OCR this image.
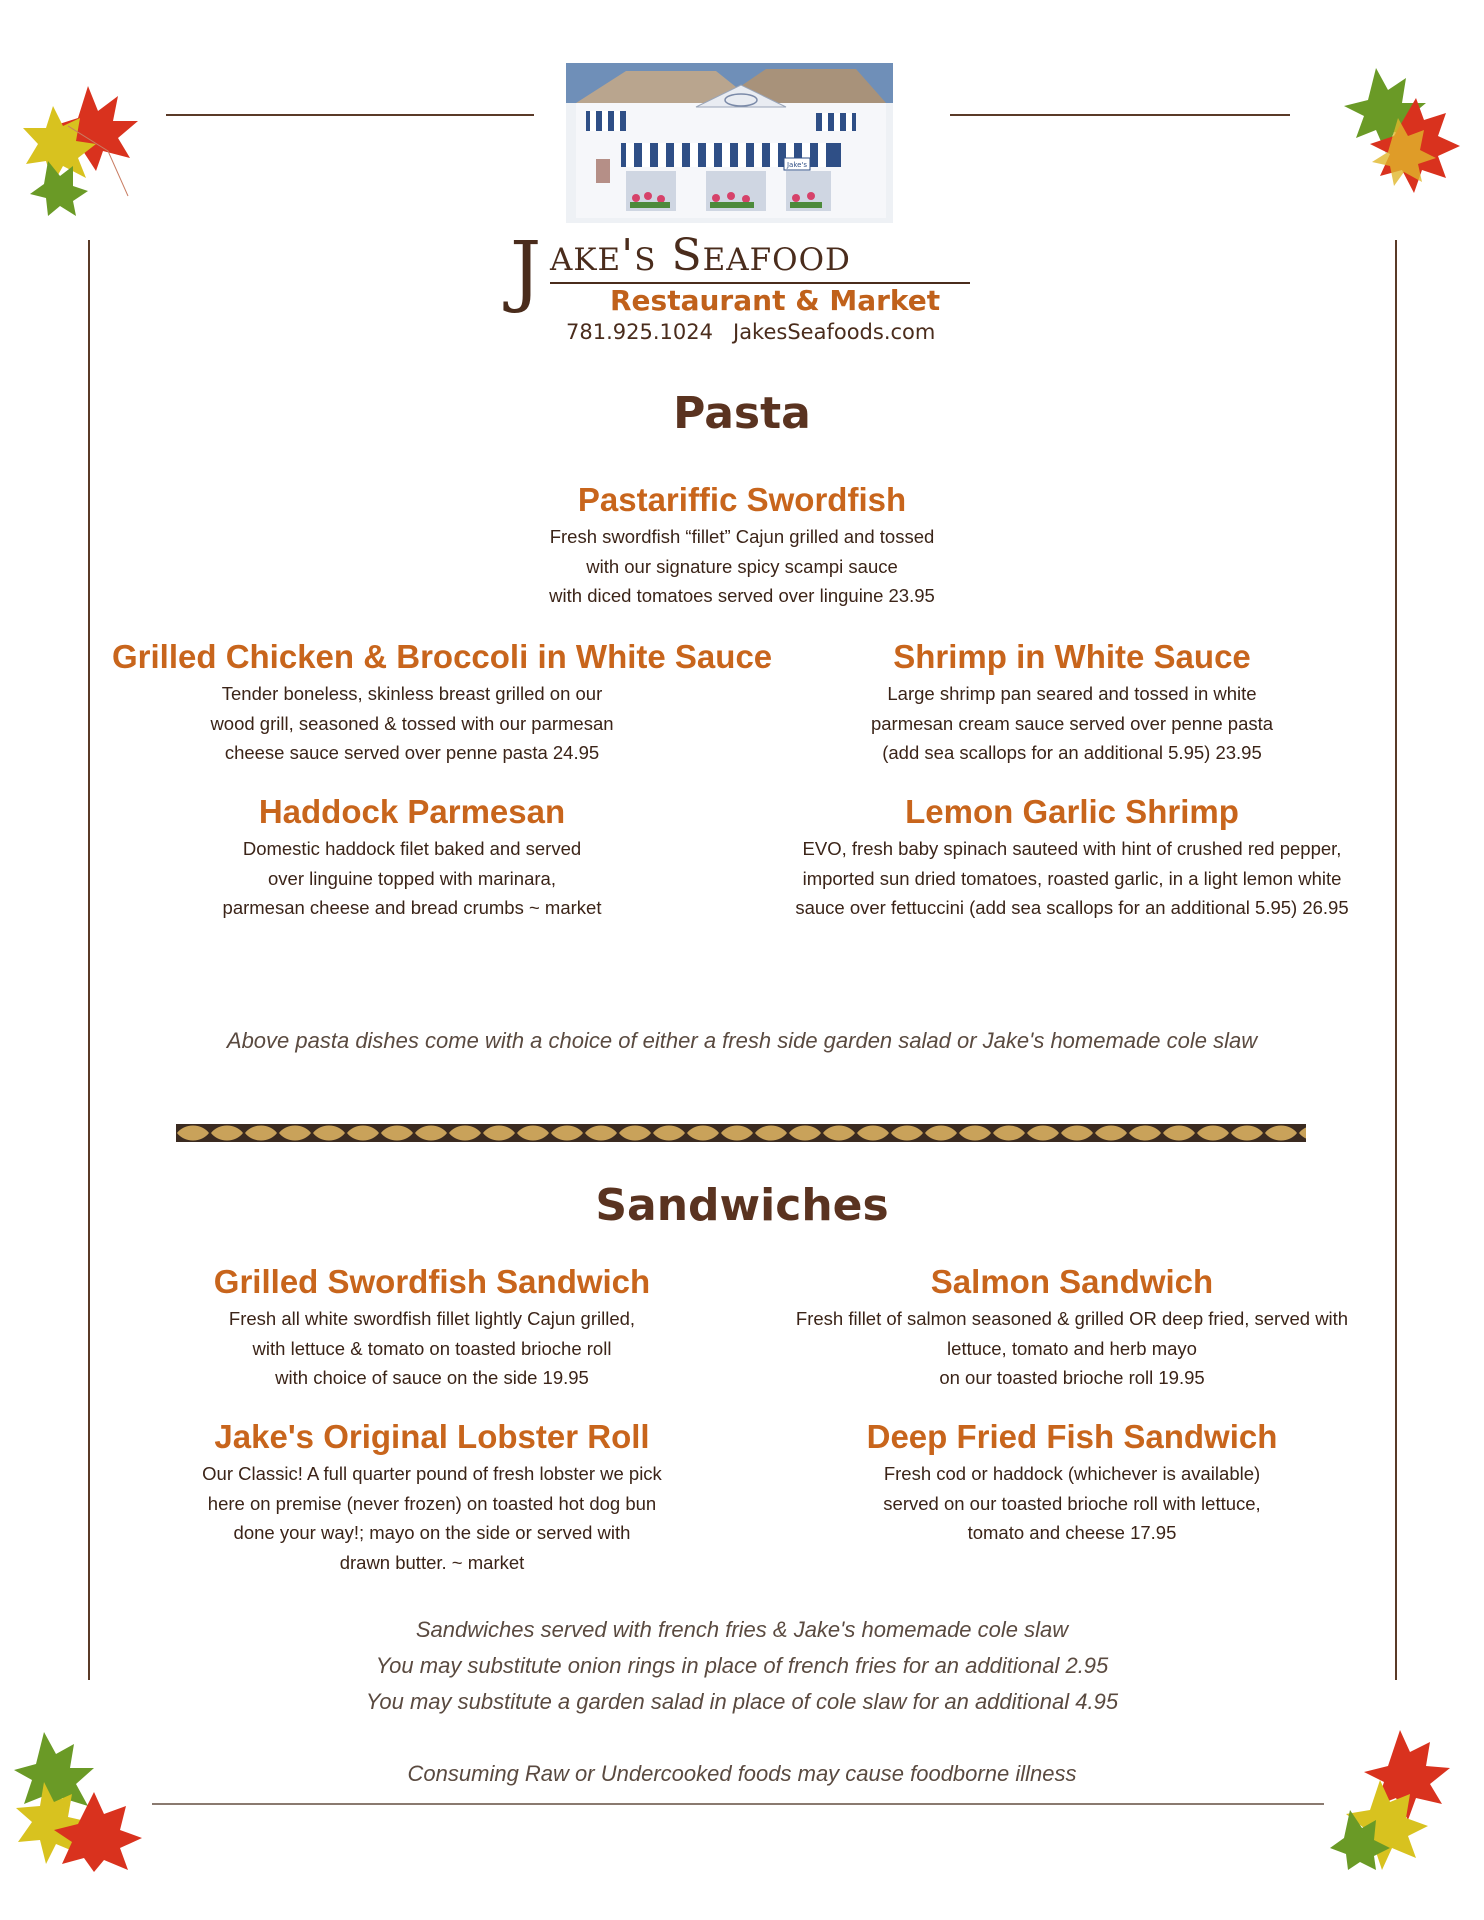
Jake's
J ake's Seafood
Restaurant & Market
781.925.1024 JakesSeafoods.com
Pasta
Pastariffic Swordfish
Fresh swordfish “fillet” Cajun grilled and tossed
with our signature spicy scampi sauce
with diced tomatoes served over linguine 23.95
Grilled Chicken & Broccoli in White Sauce
Tender boneless, skinless breast grilled on our
wood grill, seasoned & tossed with our parmesan
cheese sauce served over penne pasta 24.95
Shrimp in White Sauce
Large shrimp pan seared and tossed in white
parmesan cream sauce served over penne pasta
(add sea scallops for an additional 5.95) 23.95
Haddock Parmesan
Domestic haddock filet baked and served
over linguine topped with marinara,
parmesan cheese and bread crumbs ~ market
Lemon Garlic Shrimp
EVO, fresh baby spinach sauteed with hint of crushed red pepper,
imported sun dried tomatoes, roasted garlic, in a light lemon white
sauce over fettuccini (add sea scallops for an additional 5.95) 26.95
Above pasta dishes come with a choice of either a fresh side garden salad or Jake's homemade cole slaw
Sandwiches
Grilled Swordfish Sandwich
Fresh all white swordfish fillet lightly Cajun grilled,
with lettuce & tomato on toasted brioche roll
with choice of sauce on the side 19.95
Salmon Sandwich
Fresh fillet of salmon seasoned & grilled OR deep fried, served with
lettuce, tomato and herb mayo
on our toasted brioche roll 19.95
Jake's Original Lobster Roll
Our Classic! A full quarter pound of fresh lobster we pick
here on premise (never frozen) on toasted hot dog bun
done your way!; mayo on the side or served with
drawn butter. ~ market
Deep Fried Fish Sandwich
Fresh cod or haddock (whichever is available)
served on our toasted brioche roll with lettuce,
tomato and cheese 17.95
Sandwiches served with french fries & Jake's homemade cole slaw
You may substitute onion rings in place of french fries for an additional 2.95
You may substitute a garden salad in place of cole slaw for an additional 4.95
Consuming Raw or Undercooked foods may cause foodborne illness
